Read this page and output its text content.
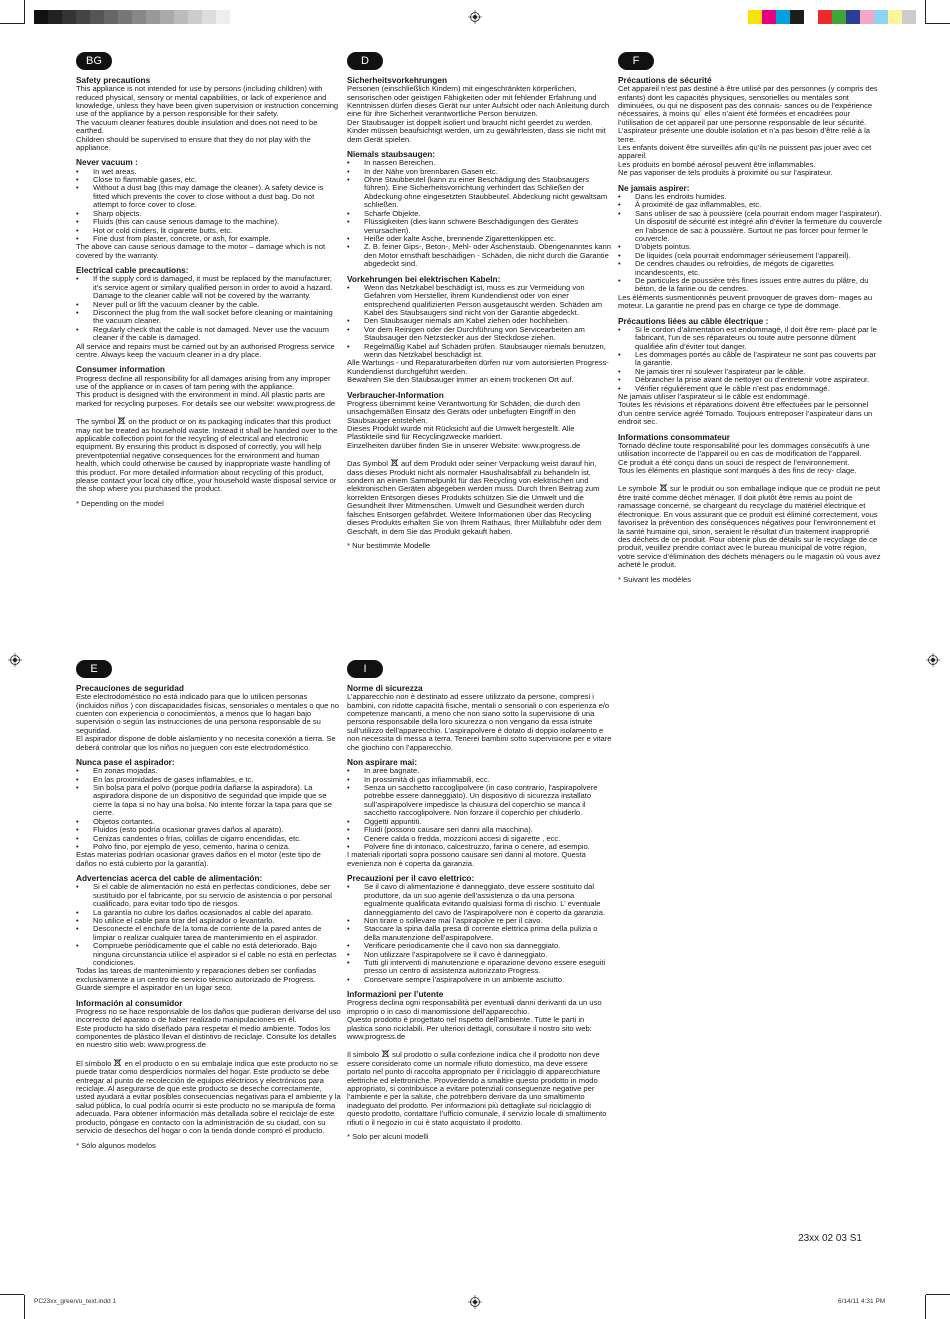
BG
Safety precautions
This appliance is not intended for use by persons (including children) with reduced physical, sensory or mental capabilities, or lack of experience and knowledge, unless they have been given supervision or instruction concerning use of the appliance by a person responsible for their safety.
The vacuum cleaner features double insulation and does not need to be earthed.
Children should be supervised to ensure that they do not play with the appliance.
Never vacuum :
• In wet areas.
• Close to flammable gases, etc.
• Without a dust bag (this may damage the cleaner). A safety device is fitted which prevents the cover to close without a dust bag. Do not attempt to force cover to close.
• Sharp objects.
• Fluids (this can cause serious damage to the machine).
• Hot or cold cinders, lit cigarette butts, etc.
• Fine dust from plaster, concrete, or ash, for example.
The above can cause serious damage to the motor – damage which is not covered by the warranty.
Electrical cable precautions:
• If the supply cord is damaged, it must be replaced by the manufacturer, it’s service agent or similary qualified person in order to avoid a hazard. Damage to the cleaner cable will not be covered by the warranty.
• Never pull or lift the vacuum cleaner by the cable.
• Disconnect the plug from the wall socket before cleaning or maintaining the vacuum cleaner.
• Regularly check that the cable is not damaged. Never use the vacuum cleaner if the cable is damaged.
All service and repairs must be carried out by an authorised Progress service centre. Always keep the vacuum cleaner in a dry place.
Consumer information
Progress decline all responsibility for all damages arising from any improper use of the appliance or in cases of tam pering with the appliance.
This product is designed with the environment in mind. All plastic parts are marked for recycling purposes. For details see our website: www.progress.de
The symbol on the product or on its packaging indicates that this product may not be treated as household waste. Instead it shall be handed over to the applicable collection point for the recycling of electrical and electronic equipment. By ensuring this product is disposed of correctly, you will help preventpotential negative consequences for the environment and human health, which could otherwise be caused by inappropriate waste handling of this product. For more detailed information about recycling of this product, please contact your local city office, your household waste disposal service or the shop where you purchased the product.
* Depending on the model
D
Sicherheitsvorkehrungen
Personen (einschließlich Kindern) mit eingeschränkten körperlichen, sensorischen oder geistigen Fähigkeiten oder mit fehlender Erfahrung und Kenntnissen dürfen dieses Gerät nur unter Aufsicht oder nach Anleitung durch eine für ihre Sicherheit verantwortliche Person benutzen.
Der Staubsauger ist doppelt isoliert und braucht nicht geerdet zu werden.
Kinder müssen beaufsichtigt werden, um zu gewährleisten, dass sie nicht mit dem Gerät spielen.
Niemals staubsaugen:
• In nassen Bereichen.
• In der Nähe von brennbaren Gasen etc.
• Ohne Staubbeutel (kann zu einer Beschädigung des Staubsaugers führen). Eine Sicherheitsvorrichtung verhindert das Schließen der Abdeckung ohne eingesetzten Staubbeutel. Abdeckung nicht gewaltsam schließen.
• Scharfe Objekte.
• Flüssigkeiten (dies kann schwere Beschädigungen des Gerätes verursachen).
• Heiße oder kalte Asche, brennende Zigarettenkippen etc.
• Z. B. feiner Gips-, Beton-, Mehl- oder Aschenstaub. Obengenanntes kann den Motor ernsthaft beschädigen - Schäden, die nicht durch die Garantie abgedeckt sind.
Vorkehrungen bei elektrischen Kabeln:
• Wenn das Netzkabel beschädigt ist, muss es zur Vermeidung von Gefahren vom Hersteller, ihrem Kundendienst oder von einer entsprechend qualifizierten Person ausgetauscht werden. Schäden am Kabel des Staubsaugers sind nicht von der Garantie abgedeckt.
• Den Staubsauger niemals am Kabel ziehen oder hochheben.
• Vor dem Reinigen oder der Durchführung von Servicearbeiten am Staubsauger den Netzstecker aus der Steckdose ziehen.
• Regelmäßig Kabel auf Schäden prüfen. Staubsauger niemals benutzen, wenn das Netzkabel beschädigt ist.
Alle Wartungs - und Reparaturarbeiten dürfen nur vom autorisierten Progress-Kundendienst durchgeführt werden.
Bewahren Sie den Staubsauger immer an einem trockenen Ort auf.
Verbraucher-Information
Progress übernimmt keine Verantwortung für Schäden, die durch den unsachgemäßen Einsatz des Geräts oder unbefugten Eingriff in den Staubsauger entstehen.
Dieses Produkt wurde mit Rücksicht auf die Umwelt hergestellt. Alle Plastikteile sind für Recyclingzwecke markiert.
Einzelheiten darüber finden Sie in unserer Website: www.progress.de
Das Symbol auf dem Produkt oder seiner Verpackung weist darauf hin, dass dieses Produkt nicht als normaler Haushaltsabfall zu behandeln ist, sondern an einem Sammelpunkt für das Recycling von elektrischen und elektronischen Geräten abgegeben werden muss. Durch Ihren Beitrag zum korrekten Entsorgen dieses Produkts schützen Sie die Umwelt und die Gesundheit Ihrer Mitmenschen. Umwelt und Gesundheit werden durch falsches Entsorgen gefährdet. Weitere Informationen über das Recycling dieses Produkts erhalten Sie von Ihrem Rathaus, Ihrer Müllabfuhr oder dem Geschäft, in dem Sie das Produkt gekauft haben.
* Nur bestimmte Modelle
F
Précautions de sécurité
Cet appareil n’est pas destiné à être utilisé par des personnes (y compris des enfants) dont les capacités physiques, sensorielles ou mentales sont diminuées, ou qui ne disposent pas des connais- sances ou de l’expérience nécessaires, à moins qu´ elles n’aient été formées et encadrées pour l’utilisation de cet appareil par une personne responsable de leur sécurité.
L’aspirateur présente une double isolation et n’a pas besoin d’être relié à la terre.
Les enfants doivent être surveillés afin qu’ils ne puissent pas jouer avec cet appareil.
Les produits en bombé aérosol peuvent être inflammables.
Ne pas vaporiser de tels produits à proximité ou sur l’aspirateur.
Ne jamais aspirer:
• Dans les endroits humides.
• À proximité de gaz inflammables, etc.
• Sans utiliser de sac à poussière (cela pourrait endom mager l’aspirateur). Un dispositif de sécurité est intégré afin d’éviter la fermeture du couvercle en l’absence de sac à poussière. Surtout ne pas forcer pour fermer le couvercle.
• D’objets pointus.
• De liquides (cela pourrait endommager sérieusement l’appareil).
• De cendres chaudes ou refroidies, de mégots de cigarettes incandescents, etc.
• De particules de poussière très fines issues entre autres du plâtre, du béton, de la farine ou de cendres.
Les éléments susmentionnés peuvent provoquer de graves dom- mages au moteur. La garantie ne prend pas en charge ce type de dommage.
Précautions liées au câble électrique :
• Si le cordon d’alimentation est endommagé, il doit être rem- placé par le fabricant, l’un de ses réparateurs ou toute autre personne dûment qualifiée afin d’éviter tout danger.
• Les dommages portés au câble de l’aspirateur ne sont pas couverts par la garantie.
• Ne jamais tirer ni soulever l’aspirateur par le câble.
• Débrancher la prise avant de nettoyer ou d’entretenir votre aspirateur.
• Vérifier régulièrement que le câble n’est pas endommagé.
Ne jamais utiliser l’aspirateur si le câble est endommagé.
Toutes les révisions et réparations doivent être effectuées par le personnel d’un centre service agréé Tornado. Toujours entreposer l’aspirateur dans un endroit sec.
Informations consommateur
Tornado décline toute responsabilité pour les dommages consécutifs à une utilisation incorrecte de l’appareil ou en cas de modification de l’appareil.
Ce produit a été conçu dans un souci de respect de l’environnement.
Tous les éléments en plastique sont marqués à des fins de recy- clage.
Le symbole sur le produit ou son emballage indique que ce produit ne peut être traité comme déchet ménager. Il doit plutôt être remis au point de ramassage concerné, se chargeant du recyclage du matériel électrique et électronique. En vous assurant que ce produit est éliminé correctement, vous favorisez la prévention des conséquences négatives pour l’environnement et la santé humaine qui, sinon, seraient le résultat d’un traitement inapproprié des déchets de ce produit. Pour obtenir plus de détails sur le recyclage de ce produit, veuillez prendre contact avec le bureau municipal de votre région, votre service d’élimination des déchets ménagers ou le magasin où vous avez acheté le produit.
* Suivant les modèles
E
Precauciones de seguridad
Este electrodoméstico no está indicado para que lo utilicen personas (incluidos niños ) con discapacidades físicas, sensoriales o mentales o que no cuenten con experiencia o conocimientos, a menos que lo hagan bajo supervisión o según las instrucciones de una persona responsable de su seguridad.
El aspirador dispone de doble aislamiento y no necesita conexión a tierra. Se deberá controlar que los niños no jueguen con este electrodoméstico.
Nunca pase el aspirador:
• En zonas mojadas.
• En las proximidades de gases inflamables, e tc.
• Sin bolsa para el polvo (porque podría dañarse la aspiradora). La aspiradora dispone de un dispositivo de seguridad que impide que se cierre la tapa si no hay una bolsa. No intente forzar la tapa para que se cierre.
• Objetos cortantes.
• Fluidos (esto podría ocasionar graves daños al aparato).
• Cenizas candentes o frías, colillas de cigarro encendidas, etc.
• Polvo fino, por ejemplo de yeso, cemento, harina o ceniza.
Estas materias podrían ocasionar graves daños en el motor (este tipo de daños no está cubierto por la garantía).
Advertencias acerca del cable de alimentación:
• Si el cable de alimentación no está en perfectas condiciones, debe ser sustituido por el fabricante, por su servicio de asistencia o por personal cualificado, para evitar todo tipo de riesgos.
• La garantía no cubre los daños ocasionados al cable del aparato.
• No utilice el cable para tirar del aspirador o levantarlo.
• Desconecte el enchufe de la toma de corriente de la pared antes de limpiar o realizar cualquier tarea de mantenimiento en el aspirador.
• Compruebe periódicamente que el cable no está deteriorado. Bajo ninguna circunstancia utilice el aspirador si el cable no está en perfectas condiciones.
Todas las tareas de mantenimiento y reparaciones deben ser confiadas exclusivamente a un centro de servicio técnico autorizado de Progress. Guarde siempre el aspirador en un lugar seco.
Información al consumidor
Progress no se hace responsable de los daños que pudieran derivarse del uso incorrecto del aparato o de haber realizado manipulaciones en él.
Este producto ha sido diseñado para respetar el medio ambiente. Todos los componentes de plástico llevan el distintivo de reciclaje. Consulte los detalles en nuestro sitio web: www.progress.de
El símbolo en el producto o en su embalaje indica que este producto no se puede tratar como desperdicios normales del hogar. Este producto se debe entregar al punto de recolección de equipos eléctricos y electrónicos para reciclaje. Al asegurarse de que este producto se deseche correctamente, usted ayudará a evitar posibles consecuencias negativas para el ambiente y la salud pública, lo cual podría ocurrir si este producto no se manipula de forma adecuada. Para obtener información más detallada sobre el reciclaje de este producto, póngase en contacto con la administración de su ciudad, con su servicio de desechos del hogar o con la tienda donde compró el producto.
* Sólo algunos modelos
I
Norme di sicurezza
L’apparecchio non è destinato ad essere utilizzato da persone, compresi i bambini, con ridotte capacità fisiche, mentali o sensoriali o con esperienza e/o competenze mancanti, a meno che non siano sotto la supervisione di una persona responsabile della loro sicurezza o non vengano da essa istruite sull’utilizzo dell’apparecchio. L’aspirapolvere è dotato di doppio isolamento e non necessita di messa a terra. Tenerei bambini sotto supervisione per e vitare che giochino con l’apparecchio.
Non aspirare mai:
• In aree bagnate.
• In prossimità di gas infiammabili, ecc.
• Senza un sacchetto raccoglipolvere (in caso contrario, l’aspirapolvere potrebbe essere danneggiato). Un dispositivo di sicurezza installato sull’aspirapolvere impedisce la chiusura del coperchio se manca il sacchetto raccoglipolvere. Non forzare il coperchio per chiuderlo.
• Oggetti appuntiti.
• Fluidi (possono causare seri danni alla macchina).
• Cenere calda o fredda, mozziconi accesi di sigarette , ecc.
• Polvere fine di intonaco, calcestruzzo, farina o cenere, ad esempio.
I materiali riportati sopra possono causare seri danni al motore. Questa evenienza non è coperta da garanzia.
Precauzioni per il cavo elettrico:
• Se il cavo di alimentazione è danneggiato, deve essere sostituito dal produttore, da un suo agente dell’assistenza o da una persona egualmente qualificata evitando qualsiasi forma di rischio. L’ eventuale danneggiamento del cavo de l’aspirapolvere non è coperto da garanzia.
• Non tirare o sollevare mai l’aspirapolve re per il cavo.
• Staccare la spina dalla presa di corrente elettrica prima della pulizia o della manutenzione dell’aspirapolvere.
• Verificare periodicamente che il cavo non sia danneggiato.
• Non utilizzare l’aspirapolvere se il cavo è danneggiato.
• Tutti gli interventi di manutenzione e riparazione devono essere eseguiti presso un centro di assistenza autorizzato Progress.
• Conservare sempre l’aspirapolvere in un ambiente asciutto.
Informazioni per l’utente
Progress declina ogni responsabilità per eventuali danni derivanti da un uso improprio o in caso di manomissione dell’apparecchio.
Questo prodotto è progettato nel rispetto dell’ambiente. Tutte le parti in plastica sono riciclabili. Per ulteriori dettagli, consultare il nostro sito web: www.progress.de
Il simbolo sul prodotto o sulla confezione indica che il prodotto non deve essere considerato come un normale rifiuto domestico, ma deve essere portato nel punto di raccolta appropriato per il riciclaggio di apparecchiature elettriche ed elettroniche. Provvedendo a smaltire questo prodotto in modo appropriato, si contribuisce a evitare potenziali conseguenze negative per l’ambiente e per la salute, che potrebbero derivare da uno smaltimento inadeguato del prodotto. Per informazioni più dettagliate sul riciclaggio di questo prodotto, contattare l’ufficio comunale, il servizio locale di smaltimento rifiuti o il negozio in cui è stato acquistato il prodotto.
* Solo per alcuni modelli
23xx 02 03 S1
PC23xx_green/u_text.indd 1	6/14/11 4:31 PM
